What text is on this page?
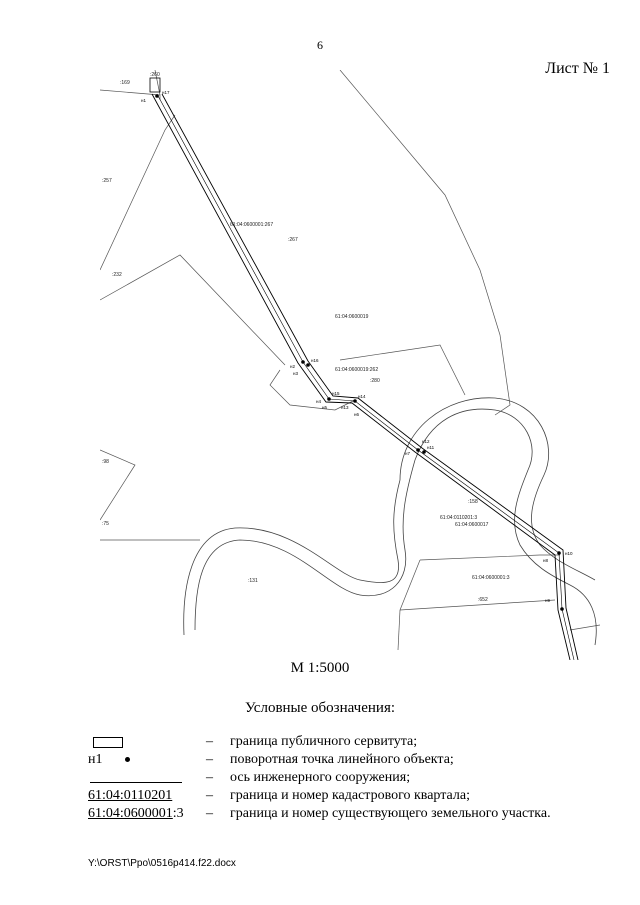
6
Лист № 1
:169
:260
:257
61:04:0600001:267
:267
:232
61:04:0600019
61:04:0600019:262
:280
:158
61:04:0110201:3
61:04:0600017
:131	61:04:0600001:3
:652
:98
:75
н1
н17
н2
н16
н3
н15
н4
н14
н5	н13
н6
н12
н7
н11
н8
н10
н9
М 1:5000
Условные обозначения:
– граница публичного сервитута;
н1	– поворотная точка линейного объекта;
– ось инженерного сооружения;
61:04:0110201 – граница и номер кадастрового квартала;
61:04:0600001:3 – граница и номер существующего земельного участка.
Y:\ORST\Ppo\0516p414.f22.docx
